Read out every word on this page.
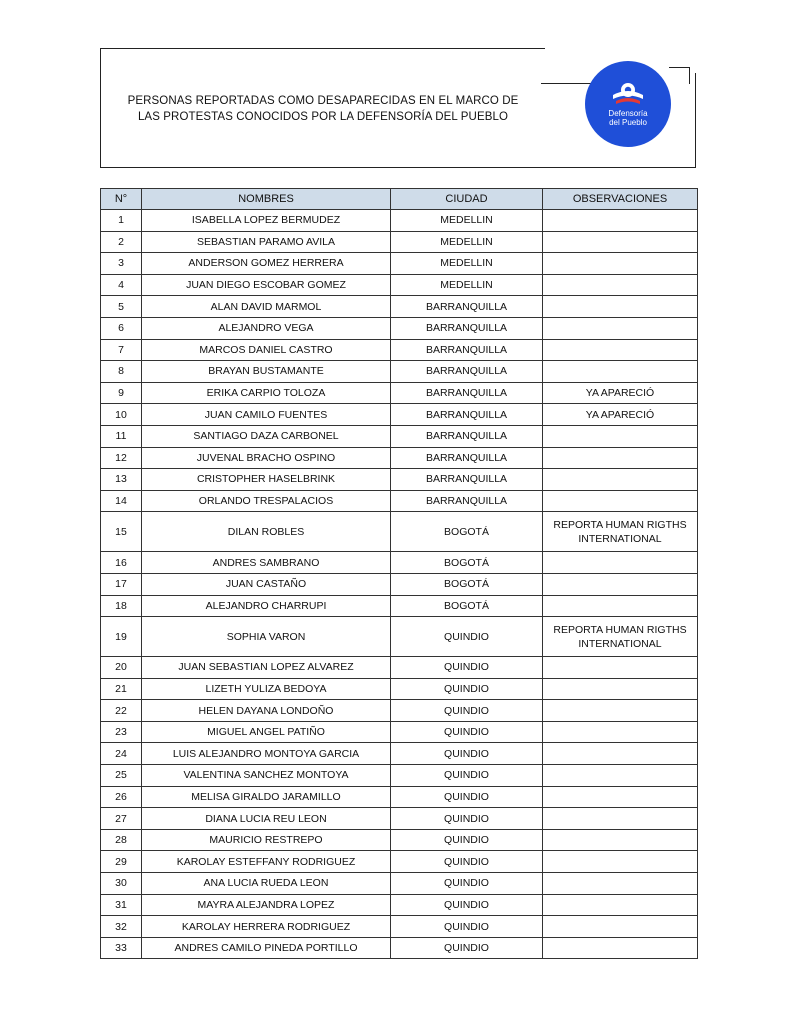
PERSONAS REPORTADAS COMO DESAPARECIDAS EN EL MARCO DE
LAS PROTESTAS CONOCIDOS POR LA DEFENSORÍA DEL PUEBLO	Defensoría
del Pueblo
N°	NOMBRES	CIUDAD	OBSERVACIONES
1	ISABELLA LOPEZ BERMUDEZ	MEDELLIN	
2	SEBASTIAN PARAMO AVILA	MEDELLIN	
3	ANDERSON GOMEZ HERRERA	MEDELLIN	
4	JUAN DIEGO ESCOBAR GOMEZ	MEDELLIN	
5	ALAN DAVID MARMOL	BARRANQUILLA	
6	ALEJANDRO VEGA	BARRANQUILLA	
7	MARCOS DANIEL CASTRO	BARRANQUILLA	
8	BRAYAN BUSTAMANTE	BARRANQUILLA	
9	ERIKA CARPIO TOLOZA	BARRANQUILLA	YA APARECIÓ
10	JUAN CAMILO FUENTES	BARRANQUILLA	YA APARECIÓ
11	SANTIAGO DAZA CARBONEL	BARRANQUILLA	
12	JUVENAL BRACHO OSPINO	BARRANQUILLA	
13	CRISTOPHER HASELBRINK	BARRANQUILLA	
14	ORLANDO TRESPALACIOS	BARRANQUILLA	
15	DILAN ROBLES	BOGOTÁ	REPORTA HUMAN RIGTHS INTERNATIONAL
16	ANDRES SAMBRANO	BOGOTÁ	
17	JUAN CASTAÑO	BOGOTÁ	
18	ALEJANDRO CHARRUPI	BOGOTÁ	
19	SOPHIA VARON	QUINDIO	REPORTA HUMAN RIGTHS INTERNATIONAL
20	JUAN SEBASTIAN LOPEZ ALVAREZ	QUINDIO	
21	LIZETH YULIZA BEDOYA	QUINDIO	
22	HELEN DAYANA LONDOÑO	QUINDIO	
23	MIGUEL ANGEL PATIÑO	QUINDIO	
24	LUIS ALEJANDRO MONTOYA GARCIA	QUINDIO	
25	VALENTINA SANCHEZ MONTOYA	QUINDIO	
26	MELISA GIRALDO JARAMILLO	QUINDIO	
27	DIANA LUCIA REU LEON	QUINDIO	
28	MAURICIO RESTREPO	QUINDIO	
29	KAROLAY ESTEFFANY RODRIGUEZ	QUINDIO	
30	ANA LUCIA RUEDA LEON	QUINDIO	
31	MAYRA ALEJANDRA LOPEZ	QUINDIO	
32	KAROLAY HERRERA RODRIGUEZ	QUINDIO	
33	ANDRES CAMILO PINEDA PORTILLO	QUINDIO	
